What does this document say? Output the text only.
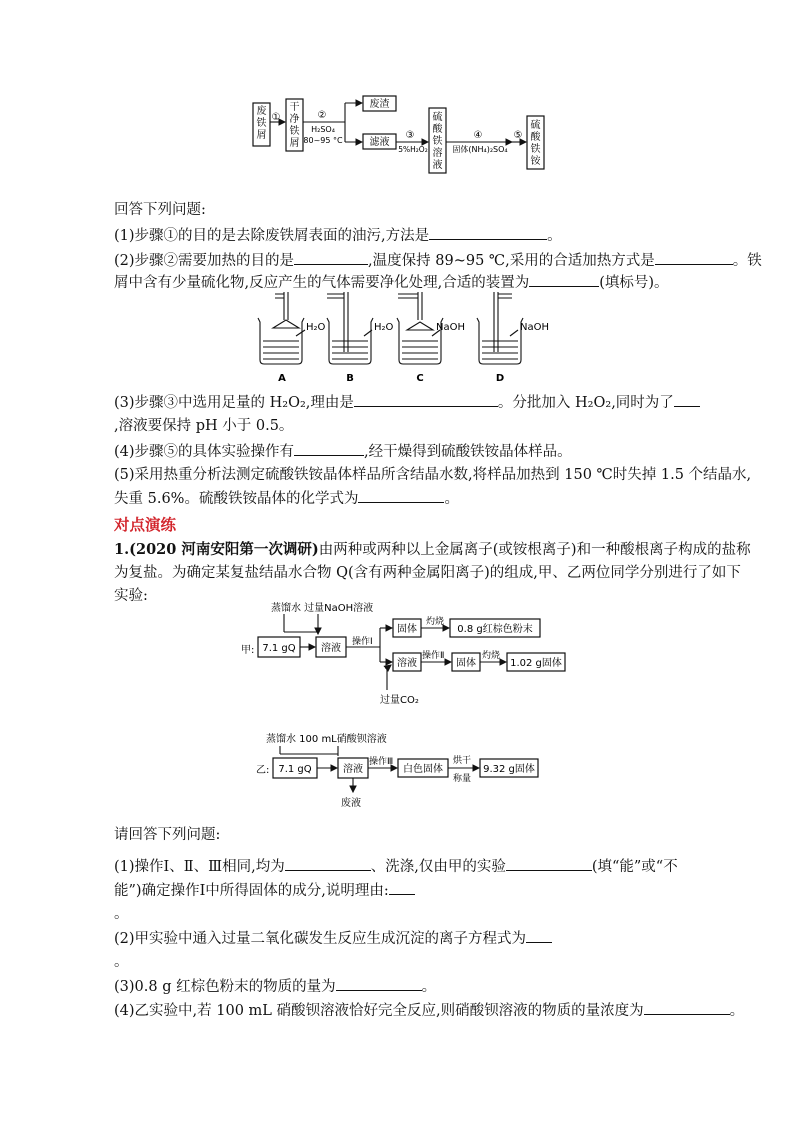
废
铁
屑
①
干
净
铁
屑
②
H₂SO₄
80~95 °C
废渣
滤液
③
5%H₂O₂
硫
酸
铁
溶
液
④
固体(NH₄)₂SO₄
⑤
硫
酸
铁
铵
回答下列问题:
(1)步骤①的目的是去除废铁屑表面的油污,方法是	。
(2)步骤②需要加热的目的是	,温度保持 89~95 ℃,采用的合适加热方式是	。铁
屑中含有少量硫化物,反应产生的气体需要净化处理,合适的装置为	(填标号)。
H₂O
A
H₂O
B
NaOH
C
NaOH
D
(3)步骤③中选用足量的 H₂O₂,理由是	。分批加入 H₂O₂,同时为了
,溶液要保持 pH 小于 0.5。
(4)步骤⑤的具体实验操作有	,经干燥得到硫酸铁铵晶体样品。
(5)采用热重分析法测定硫酸铁铵晶体样品所含结晶水数,将样品加热到 150 ℃时失掉 1.5 个结晶水,
失重 5.6%。硫酸铁铵晶体的化学式为	。
对点演练
1.(2020 河南安阳第一次调研)由两种或两种以上金属离子(或铵根离子)和一种酸根离子构成的盐称
为复盐。为确定某复盐结晶水合物 Q(含有两种金属阳离子)的组成,甲、乙两位同学分别进行了如下
实验:
蒸馏水 过量NaOH溶液
甲: 7.1 gQ	溶液
操作Ⅰ
固体
灼烧
0.8 g红棕色粉末
溶液
操作Ⅱ
固体
灼烧
1.02 g固体
过量CO₂
蒸馏水 100 mL硝酸钡溶液
乙: 7.1 gQ	溶液
废液
操作Ⅲ
白色固体
烘干
称量
9.32 g固体
请回答下列问题:
(1)操作Ⅰ、Ⅱ、Ⅲ相同,均为	、洗涤,仅由甲的实验	(填“能”或“不
能”)确定操作Ⅰ中所得固体的成分,说明理由:
。
(2)甲实验中通入过量二氧化碳发生反应生成沉淀的离子方程式为
。
(3)0.8 g 红棕色粉末的物质的量为	。
(4)乙实验中,若 100 mL 硝酸钡溶液恰好完全反应,则硝酸钡溶液的物质的量浓度为	。
